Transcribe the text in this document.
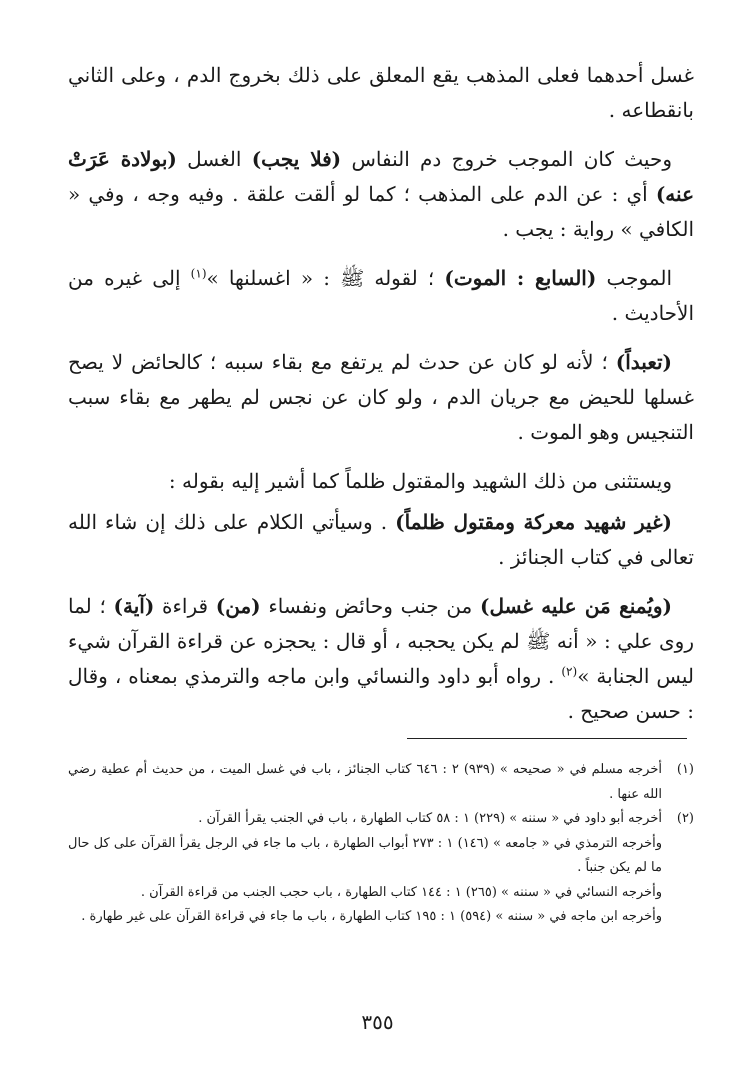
غسل أحدهما فعلى المذهب يقع المعلق على ذلك بخروج الدم ، وعلى الثاني بانقطاعه .

وحيث كان الموجب خروج دم النفاس (فلا يجب) الغسل (بولادة عَرَتْ عنه) أي : عن الدم على المذهب ؛ كما لو ألقت علقة . وفيه وجه ، وفي « الكافي » رواية : يجب .

الموجب (السابع : الموت) ؛ لقوله ﷺ : « اغسلنها »$^{(١)}$ إلى غيره من الأحاديث .

(تعبداً) ؛ لأنه لو كان عن حدث لم يرتفع مع بقاء سببه ؛ كالحائض لا يصح غسلها للحيض مع جريان الدم ، ولو كان عن نجس لم يطهر مع بقاء سبب التنجيس وهو الموت .

ويستثنى من ذلك الشهيد والمقتول ظلماً كما أشير إليه بقوله :

(غير شهيد معركة ومقتول ظلماً) . وسيأتي الكلام على ذلك إن شاء الله تعالى في كتاب الجنائز .

(ويُمنع مَن عليه غسل) من جنب وحائض ونفساء (من) قراءة (آية) ؛ لما روى علي : « أنه ﷺ لم يكن يحجبه ، أو قال : يحجزه عن قراءة القرآن شيء ليس الجنابة »$^{(٢)}$ . رواه أبو داود والنسائي وابن ماجه والترمذي بمعناه ، وقال : حسن صحيح .

(١)
أخرجه مسلم في « صحيحه » (٩٣٩) ٢ : ٦٤٦ كتاب الجنائز ، باب في غسل الميت ، من حديث أم عطية رضي الله عنها .
(٢)
أخرجه أبو داود في « سننه » (٢٢٩) ١ : ٥٨ كتاب الطهارة ، باب في الجنب يقرأ القرآن .
وأخرجه الترمذي في « جامعه » (١٤٦) ١ : ٢٧٣ أبواب الطهارة ، باب ما جاء في الرجل يقرأ القرآن على كل حال ما لم يكن جنباً .
وأخرجه النسائي في « سننه » (٢٦٥) ١ : ١٤٤ كتاب الطهارة ، باب حجب الجنب من قراءة القرآن .
وأخرجه ابن ماجه في « سننه » (٥٩٤) ١ : ١٩٥ كتاب الطهارة ، باب ما جاء في قراءة القرآن على غير طهارة .
٣٥٥
